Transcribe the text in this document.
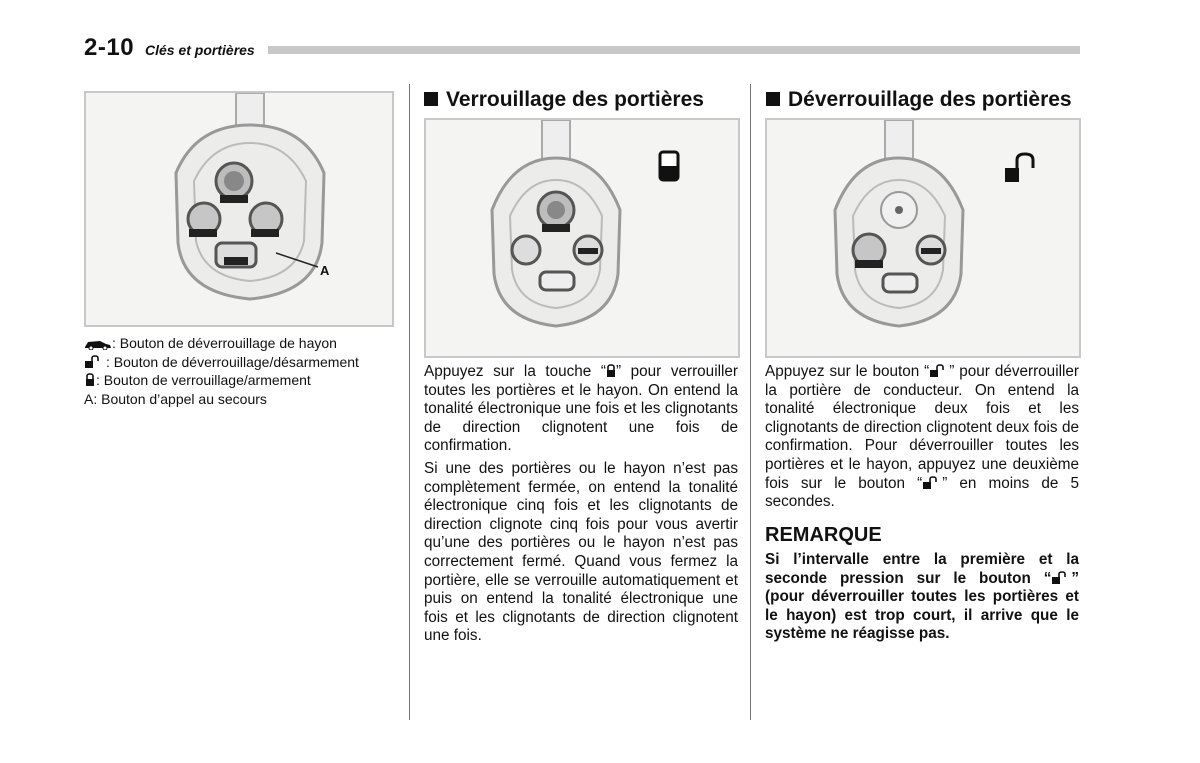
2-10 Clés et portières
A
: Bouton de déverrouillage de hayon
: Bouton de déverrouillage/désarmement
: Bouton de verrouillage/armement
A: Bouton d’appel au secours
Verrouillage des portières

Appuyez sur la touche “ ” pour verrouiller toutes les portières et le hayon. On entend la tonalité électronique une fois et les clignotants de direction clignotent une fois de confirmation.

Si une des portières ou le hayon n’est pas complètement fermée, on entend la tonalité électronique cinq fois et les clignotants de direction clignote cinq fois pour vous avertir qu’une des portières ou le hayon n’est pas correctement fermé. Quand vous fermez la portière, elle se verrouille automatiquement et puis on entend la tonalité électronique une fois et les clignotants de direction clignotent une fois.

Déverrouillage des portières

Appuyez sur le bouton “ ” pour déverrouiller la portière de conducteur. On entend la tonalité électronique deux fois et les clignotants de direction clignotent deux fois de confirmation. Pour déverrouiller toutes les portières et le hayon, appuyez une deuxième fois sur le bouton “ ” en moins de 5 secondes.

REMARQUE

Si l’intervalle entre la première et la seconde pression sur le bouton “ ” (pour déverrouiller toutes les portières et le hayon) est trop court, il arrive que le système ne réagisse pas.
